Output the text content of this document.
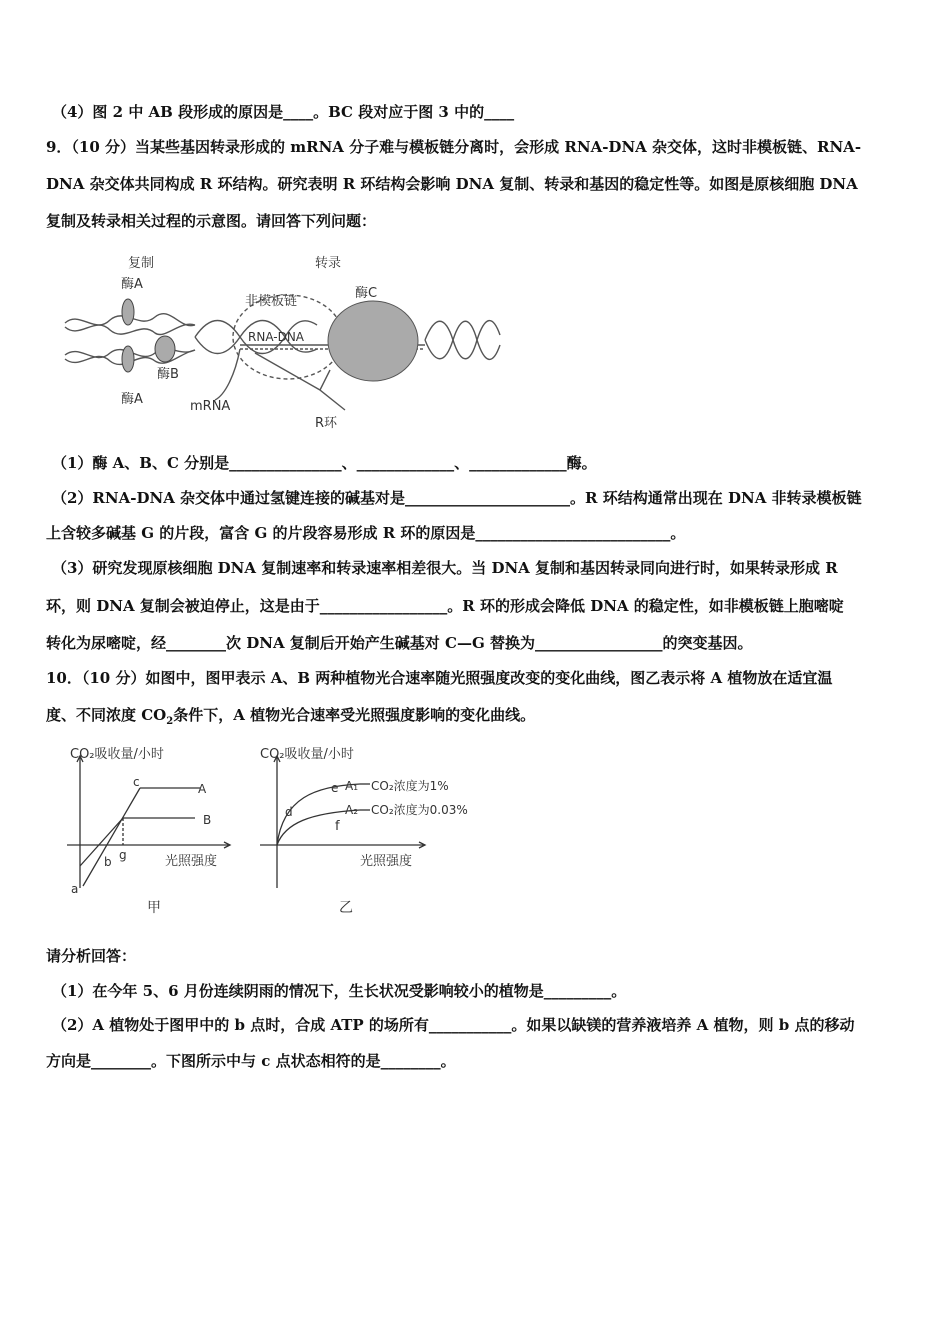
（4）图 2 中 AB 段形成的原因是____。BC 段对应于图 3 中的____
9．（10 分）当某些基因转录形成的 mRNA 分子难与模板链分离时，会形成 RNA-DNA 杂交体，这时非模板链、RNA-
DNA 杂交体共同构成 R 环结构。研究表明 R 环结构会影响 DNA 复制、转录和基因的稳定性等。如图是原核细胞 DNA
复制及转录相关过程的示意图。请回答下列问题：
复制	转录
酶A
酶B
酶A
酶C
非模板链
RNA-DNA
mRNA
R环
（1）酶 A、B、C 分别是_______________、_____________、_____________酶。
（2）RNA-DNA 杂交体中通过氢键连接的碱基对是______________________。R 环结构通常出现在 DNA 非转录模板链
上含较多碱基 G 的片段，富含 G 的片段容易形成 R 环的原因是__________________________。
（3）研究发现原核细胞 DNA 复制速率和转录速率相差很大。当 DNA 复制和基因转录同向进行时，如果转录形成 R
环，则 DNA 复制会被迫停止，这是由于_________________。R 环的形成会降低 DNA 的稳定性，如非模板链上胞嘧啶
转化为尿嘧啶，经________次 DNA 复制后开始产生碱基对 C—G 替换为_________________的突变基因。
10．（10 分）如图中，图甲表示 A、B 两种植物光合速率随光照强度改变的变化曲线，图乙表示将 A 植物放在适宜温
度、不同浓度 $CO_2$条件下，A 植物光合速率受光照强度影响的变化曲线。
CO₂吸收量/小时
光照强度
甲
A
B
a
b
c
g
CO₂吸收量/小时
光照强度
乙
e
d
f
A₁ CO₂浓度为1%
A₂ CO₂浓度为0.03%
请分析回答：
（1）在今年 5、6 月份连续阴雨的情况下，生长状况受影响较小的植物是_________。
（2）A 植物处于图甲中的 b 点时，合成 ATP 的场所有___________。如果以缺镁的营养液培养 A 植物，则 b 点的移动
方向是________。下图所示中与 c 点状态相符的是________。
